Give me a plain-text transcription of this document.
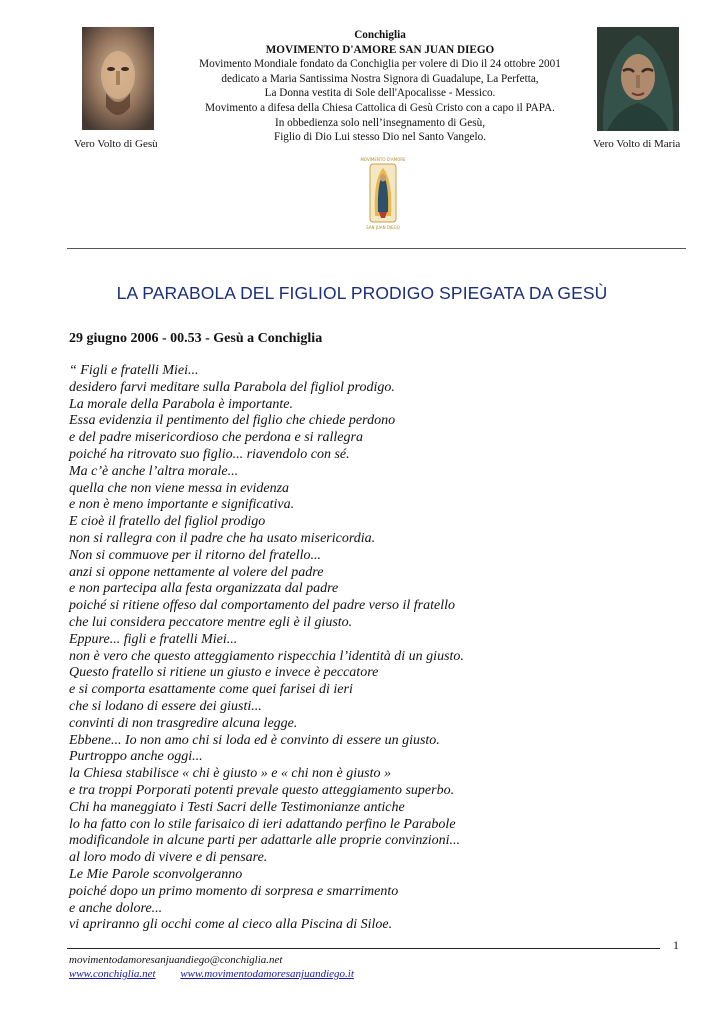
Vero Volto di Gesù
Conchiglia
MOVIMENTO D'AMORE SAN JUAN DIEGO
Movimento Mondiale fondato da Conchiglia per volere di Dio il 24 ottobre 2001
dedicato a Maria Santissima Nostra Signora di Guadalupe, La Perfetta,
La Donna vestita di Sole dell'Apocalisse - Messico.
Movimento a difesa della Chiesa Cattolica di Gesù Cristo con a capo il PAPA.
In obbedienza solo nell’insegnamento di Gesù,
Figlio di Dio Lui stesso Dio nel Santo Vangelo.
Vero Volto di Maria
MOVIMENTO D'AMORE
SAN JUAN DIEGO
LA PARABOLA DEL FIGLIOL PRODIGO SPIEGATA DA GESÙ
29 giugno 2006 - 00.53 - Gesù a Conchiglia
“ Figli e fratelli Miei...
desidero farvi meditare sulla Parabola del figliol prodigo.
La morale della Parabola è importante.
Essa evidenzia il pentimento del figlio che chiede perdono
e del padre misericordioso che perdona e si rallegra
poiché ha ritrovato suo figlio... riavendolo con sé.
Ma c’è anche l’altra morale...
quella che non viene messa in evidenza
e non è meno importante e significativa.
E cioè il fratello del figliol prodigo
non si rallegra con il padre che ha usato misericordia.
Non si commuove per il ritorno del fratello...
anzi si oppone nettamente al volere del padre
e non partecipa alla festa organizzata dal padre
poiché si ritiene offeso dal comportamento del padre verso il fratello
che lui considera peccatore mentre egli è il giusto.
Eppure... figli e fratelli Miei...
non è vero che questo atteggiamento rispecchia l’identità di un giusto.
Questo fratello si ritiene un giusto e invece è peccatore
e si comporta esattamente come quei farisei di ieri
che si lodano di essere dei giusti...
convinti di non trasgredire alcuna legge.
Ebbene... Io non amo chi si loda ed è convinto di essere un giusto.
Purtroppo anche oggi...
la Chiesa stabilisce « chi è giusto » e « chi non è giusto »
e tra troppi Porporati potenti prevale questo atteggiamento superbo.
Chi ha maneggiato i Testi Sacri delle Testimonianze antiche
lo ha fatto con lo stile farisaico di ieri adattando perfino le Parabole
modificandole in alcune parti per adattarle alle proprie convinzioni...
al loro modo di vivere e di pensare.
Le Mie Parole sconvolgeranno
poiché dopo un primo momento di sorpresa e smarrimento
e anche dolore...
vi apriranno gli occhi come al cieco alla Piscina di Siloe.
1
movimentodamoresanjuandiego@conchiglia.net
www.conchiglia.net www.movimentodamoresanjuandiego.it
